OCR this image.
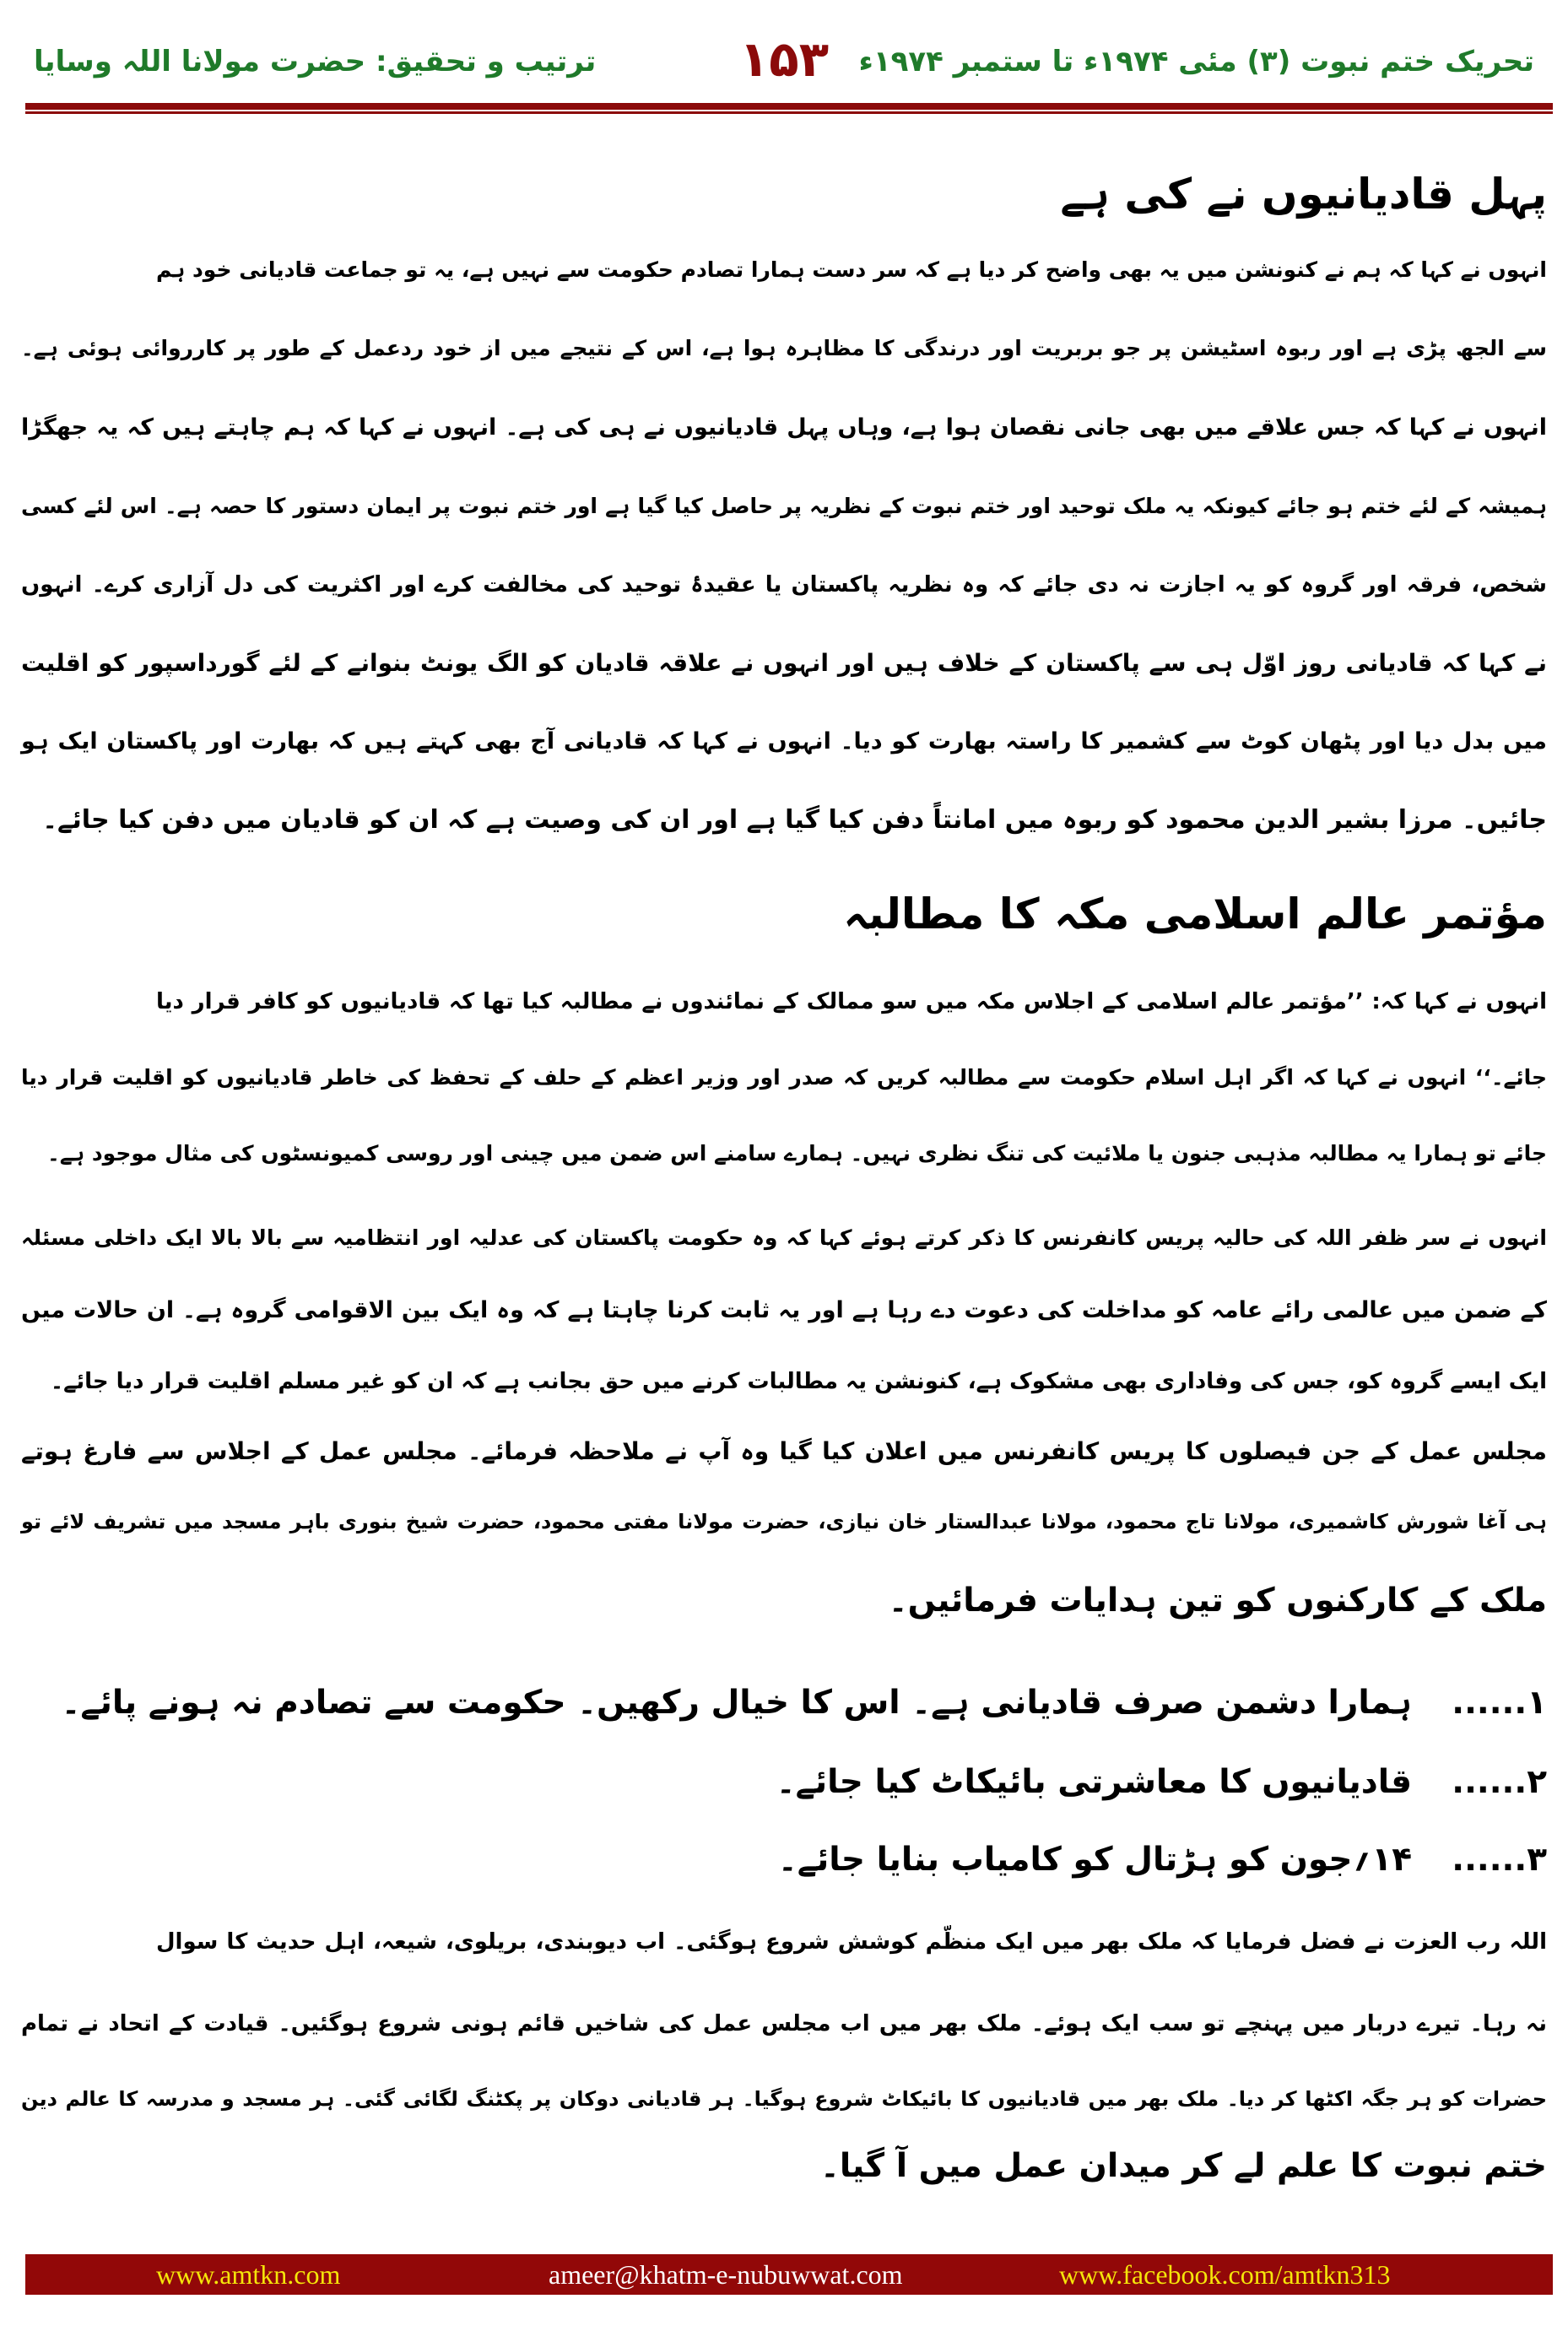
تحریک ختم نبوت (۳) مئی ۱۹۷۴ء تا ستمبر ۱۹۷۴ء
۱۵۳
ترتیب و تحقیق: حضرت مولانا اللہ وسایا
پہل قادیانیوں نے کی ہے
انہوں نے کہا کہ ہم نے کنونشن میں یہ بھی واضح کر دیا ہے کہ سر دست ہمارا تصادم حکومت سے نہیں ہے، یہ تو جماعت قادیانی خود ہم
سے الجھ پڑی ہے اور ربوہ اسٹیشن پر جو بربریت اور درندگی کا مظاہرہ ہوا ہے، اس کے نتیجے میں از خود ردعمل کے طور پر کارروائی ہوئی ہے۔
انہوں نے کہا کہ جس علاقے میں بھی جانی نقصان ہوا ہے، وہاں پہل قادیانیوں نے ہی کی ہے۔ انہوں نے کہا کہ ہم چاہتے ہیں کہ یہ جھگڑا
ہمیشہ کے لئے ختم ہو جائے کیونکہ یہ ملک توحید اور ختم نبوت کے نظریہ پر حاصل کیا گیا ہے اور ختم نبوت پر ایمان دستور کا حصہ ہے۔ اس لئے کسی
شخص، فرقہ اور گروہ کو یہ اجازت نہ دی جائے کہ وہ نظریہ پاکستان یا عقیدۂ توحید کی مخالفت کرے اور اکثریت کی دل آزاری کرے۔ انہوں
نے کہا کہ قادیانی روز اوّل ہی سے پاکستان کے خلاف ہیں اور انہوں نے علاقہ قادیان کو الگ یونٹ بنوانے کے لئے گورداسپور کو اقلیت
میں بدل دیا اور پٹھان کوٹ سے کشمیر کا راستہ بھارت کو دیا۔ انہوں نے کہا کہ قادیانی آج بھی کہتے ہیں کہ بھارت اور پاکستان ایک ہو
جائیں۔ مرزا بشیر الدین محمود کو ربوہ میں امانتاً دفن کیا گیا ہے اور ان کی وصیت ہے کہ ان کو قادیان میں دفن کیا جائے۔
مؤتمر عالم اسلامی مکہ کا مطالبہ
انہوں نے کہا کہ: ’’مؤتمر عالم اسلامی کے اجلاس مکہ میں سو ممالک کے نمائندوں نے مطالبہ کیا تھا کہ قادیانیوں کو کافر قرار دیا
جائے۔‘‘ انہوں نے کہا کہ اگر اہل اسلام حکومت سے مطالبہ کریں کہ صدر اور وزیر اعظم کے حلف کے تحفظ کی خاطر قادیانیوں کو اقلیت قرار دیا
جائے تو ہمارا یہ مطالبہ مذہبی جنون یا ملائیت کی تنگ نظری نہیں۔ ہمارے سامنے اس ضمن میں چینی اور روسی کمیونسٹوں کی مثال موجود ہے۔
انہوں نے سر ظفر اللہ کی حالیہ پریس کانفرنس کا ذکر کرتے ہوئے کہا کہ وہ حکومت پاکستان کی عدلیہ اور انتظامیہ سے بالا بالا ایک داخلی مسئلہ
کے ضمن میں عالمی رائے عامہ کو مداخلت کی دعوت دے رہا ہے اور یہ ثابت کرنا چاہتا ہے کہ وہ ایک بین الاقوامی گروہ ہے۔ ان حالات میں
ایک ایسے گروہ کو، جس کی وفاداری بھی مشکوک ہے، کنونشن یہ مطالبات کرنے میں حق بجانب ہے کہ ان کو غیر مسلم اقلیت قرار دیا جائے۔
مجلس عمل کے جن فیصلوں کا پریس کانفرنس میں اعلان کیا گیا وہ آپ نے ملاحظہ فرمائے۔ مجلس عمل کے اجلاس سے فارغ ہوتے
ہی آغا شورش کاشمیری، مولانا تاج محمود، مولانا عبدالستار خان نیازی، حضرت مولانا مفتی محمود، حضرت شیخ بنوری باہر مسجد میں تشریف لائے تو
ملک کے کارکنوں کو تین ہدایات فرمائیں۔
۱......
ہمارا دشمن صرف قادیانی ہے۔ اس کا خیال رکھیں۔ حکومت سے تصادم نہ ہونے پائے۔
۲......
قادیانیوں کا معاشرتی بائیکاٹ کیا جائے۔
۳......
۱۴؍جون کو ہڑتال کو کامیاب بنایا جائے۔
اللہ رب العزت نے فضل فرمایا کہ ملک بھر میں ایک منظّم کوشش شروع ہوگئی۔ اب دیوبندی، بریلوی، شیعہ، اہل حدیث کا سوال
نہ رہا۔ تیرے دربار میں پہنچے تو سب ایک ہوئے۔ ملک بھر میں اب مجلس عمل کی شاخیں قائم ہونی شروع ہوگئیں۔ قیادت کے اتحاد نے تمام
حضرات کو ہر جگہ اکٹھا کر دیا۔ ملک بھر میں قادیانیوں کا بائیکاٹ شروع ہوگیا۔ ہر قادیانی دوکان پر پکٹنگ لگائی گئی۔ ہر مسجد و مدرسہ کا عالم دین
ختم نبوت کا علم لے کر میدان عمل میں آ گیا۔
www.amtkn.com	ameer@khatm-e-nubuwwat.com	www.facebook.com/amtkn313
